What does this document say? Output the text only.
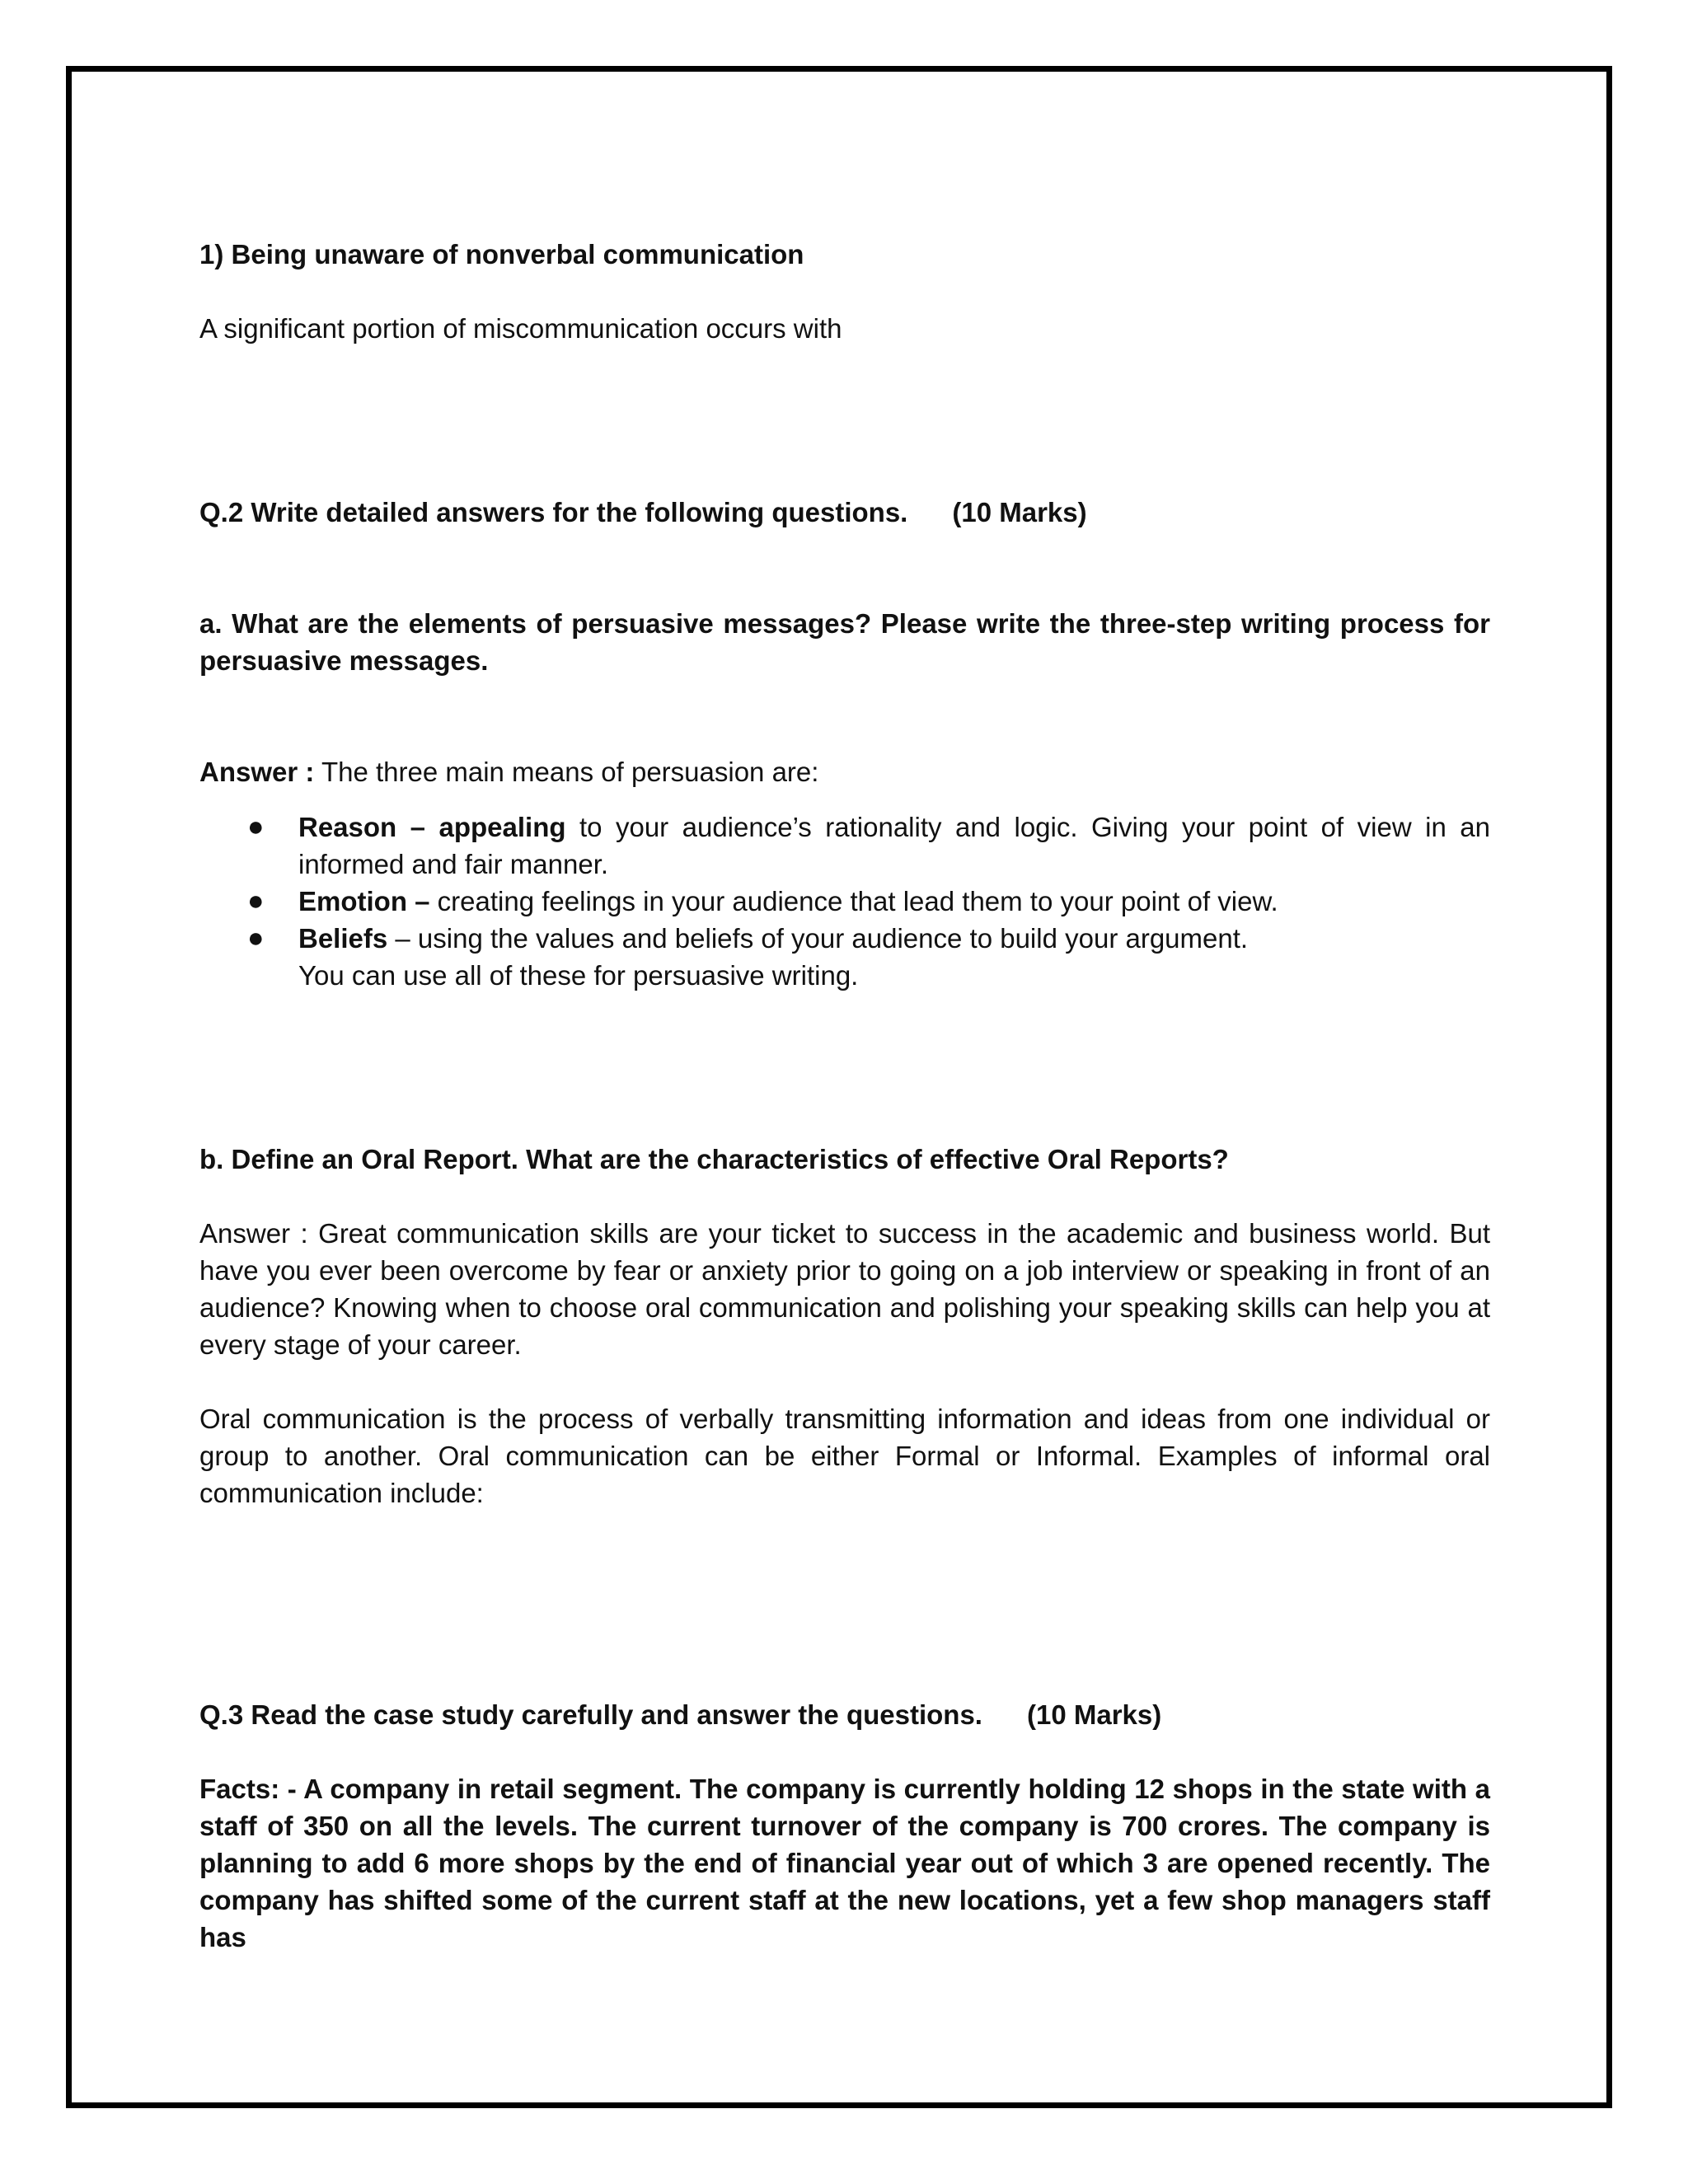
1) Being unaware of nonverbal communication

A significant portion of miscommunication occurs with

Q.2 Write detailed answers for the following questions. (10 Marks)

a. What are the elements of persuasive messages? Please write the three-step writing process for persuasive messages.

Answer : The three main means of persuasion are:

● Reason – appealing to your audience’s rationality and logic. Giving your point of view in an informed and fair manner.
● Emotion – creating feelings in your audience that lead them to your point of view.
● Beliefs – using the values and beliefs of your audience to build your argument.

You can use all of these for persuasive writing.

b. Define an Oral Report. What are the characteristics of effective Oral Reports?

Answer : Great communication skills are your ticket to success in the academic and business world. But have you ever been overcome by fear or anxiety prior to going on a job interview or speaking in front of an audience? Knowing when to choose oral communication and polishing your speaking skills can help you at every stage of your career.

Oral communication is the process of verbally transmitting information and ideas from one individual or group to another. Oral communication can be either Formal or Informal. Examples of informal oral communication include:

Q.3 Read the case study carefully and answer the questions. (10 Marks)

Facts: - A company in retail segment. The company is currently holding 12 shops in the state with a staff of 350 on all the levels. The current turnover of the company is 700 crores. The company is planning to add 6 more shops by the end of financial year out of which 3 are opened recently. The company has shifted some of the current staff at the new locations, yet a few shop managers staff has
